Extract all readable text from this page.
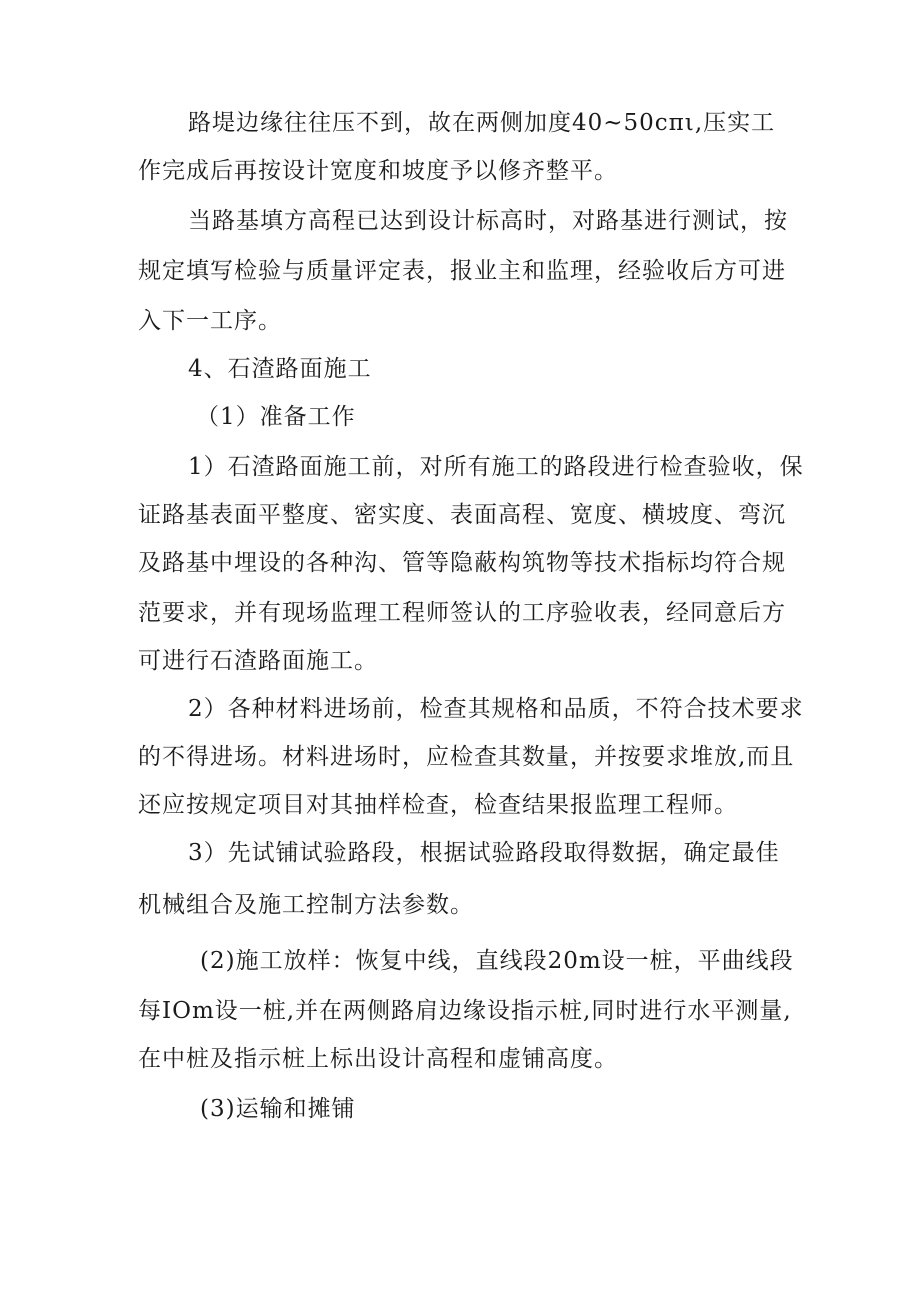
路堤边缘往往压不到，故在两侧加度40~50cπι,压实工
作完成后再按设计宽度和坡度予以修齐整平。
当路基填方高程已达到设计标高时，对路基进行测试，按
规定填写检验与质量评定表，报业主和监理，经验收后方可进
入下一工序。
4、石渣路面施工
（1）准备工作
1）石渣路面施工前，对所有施工的路段进行检查验收，保
证路基表面平整度、密实度、表面高程、宽度、横坡度、弯沉
及路基中埋设的各种沟、管等隐蔽构筑物等技术指标均符合规
范要求，并有现场监理工程师签认的工序验收表，经同意后方
可进行石渣路面施工。
2）各种材料进场前，检查其规格和品质，不符合技术要求
的不得进场。材料进场时，应检查其数量，并按要求堆放,而且
还应按规定项目对其抽样检查，检查结果报监理工程师。
3）先试铺试验路段，根据试验路段取得数据，确定最佳
机械组合及施工控制方法参数。
(2)施工放样：恢复中线，直线段20m设一桩，平曲线段
每IOm设一桩,并在两侧路肩边缘设指示桩,同时进行水平测量,
在中桩及指示桩上标出设计高程和虚铺高度。
(3)运输和摊铺
